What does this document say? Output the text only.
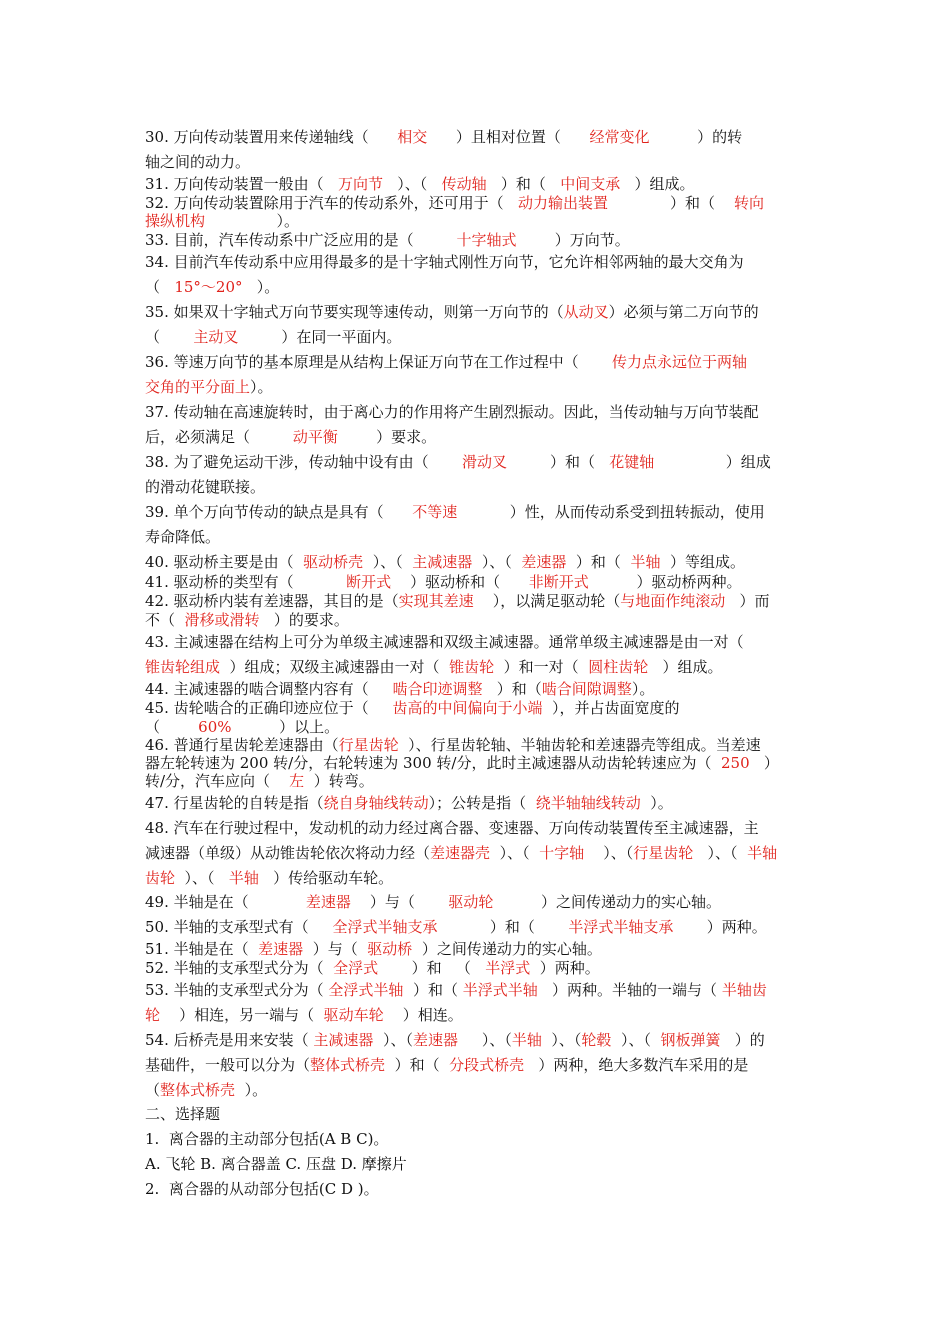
30. 万向传动装置用来传递轴线（      相交      ）且相对位置（      经常变化          ）的转
轴之间的动力。
31. 万向传动装置一般由（   万向节   ）、（   传动轴   ）和（   中间支承   ）组成。
32. 万向传动装置除用于汽车的传动系外，还可用于（   动力输出装置             ）和（    转向
操纵机构               ）。
33. 目前，汽车传动系中广泛应用的是（         十字轴式        ）万向节。
34. 目前汽车传动系中应用得最多的是十字轴式刚性万向节，它允许相邻两轴的最大交角为
（   15°～20°   ）。
35. 如果双十字轴式万向节要实现等速传动，则第一万向节的（从动叉）必须与第二万向节的
（       主动叉         ）在同一平面内。
36. 等速万向节的基本原理是从结构上保证万向节在工作过程中（       传力点永远位于两轴
交角的平分面上）。
37. 传动轴在高速旋转时，由于离心力的作用将产生剧烈振动。因此，当传动轴与万向节装配
后，必须满足（         动平衡        ）要求。
38. 为了避免运动干涉，传动轴中设有由（       滑动叉         ）和（   花键轴               ）组成
的滑动花键联接。
39. 单个万向节传动的缺点是具有（      不等速           ）性，从而传动系受到扭转振动，使用
寿命降低。
40. 驱动桥主要是由（  驱动桥壳  ）、（  主减速器  ）、（  差速器  ）和（  半轴  ）等组成。
41. 驱动桥的类型有（           断开式    ）驱动桥和（      非断开式          ）驱动桥两种。
42. 驱动桥内装有差速器，其目的是（实现其差速    ），以满足驱动轮（与地面作纯滚动   ）而
不（  滑移或滑转   ）的要求。
43. 主减速器在结构上可分为单级主减速器和双级主减速器。通常单级主减速器是由一对（
锥齿轮组成  ）组成；双级主减速器由一对（  锥齿轮  ）和一对（  圆柱齿轮   ）组成。
44. 主减速器的啮合调整内容有（     啮合印迹调整   ）和（啮合间隙调整）。
45. 齿轮啮合的正确印迹应位于（     齿高的中间偏向于小端  ），并占齿面宽度的
（        60%          ）以上。
46. 普通行星齿轮差速器由（行星齿轮  ）、行星齿轮轴、半轴齿轮和差速器壳等组成。当差速
器左轮转速为 200 转/分，右轮转速为 300 转/分，此时主减速器从动齿轮转速应为（  250   ）
转/分，汽车应向（    左  ）转弯。
47. 行星齿轮的自转是指（绕自身轴线转动）；公转是指（  绕半轴轴线转动  ）。
48. 汽车在行驶过程中，发动机的动力经过离合器、变速器、万向传动装置传至主减速器，主
减速器（单级）从动锥齿轮依次将动力经（差速器壳  ）、（  十字轴    ）、（行星齿轮   ）、（  半轴
齿轮  ）、（   半轴   ）传给驱动车轮。
49. 半轴是在（            差速器    ）与（       驱动轮          ）之间传递动力的实心轴。
50. 半轴的支承型式有（     全浮式半轴支承           ）和（       半浮式半轴支承       ）两种。
51. 半轴是在（  差速器  ）与（  驱动桥  ）之间传递动力的实心轴。
52. 半轴的支承型式分为（  全浮式       ）和   （   半浮式  ）两种。
53. 半轴的支承型式分为（ 全浮式半轴  ）和（ 半浮式半轴   ）两种。半轴的一端与（ 半轴齿
轮    ）相连，另一端与（  驱动车轮    ）相连。
54. 后桥壳是用来安装（ 主减速器  ）、（差速器     ）、（半轴  ）、（轮毂  ）、（  钢板弹簧   ）的
基础件，一般可以分为（整体式桥壳  ）和（  分段式桥壳   ）两种，绝大多数汽车采用的是
（整体式桥壳  ）。
二、选择题
1.  离合器的主动部分包括(A B C)。
A. 飞轮 B. 离合器盖 C. 压盘 D. 摩擦片
2.  离合器的从动部分包括(C D )。
